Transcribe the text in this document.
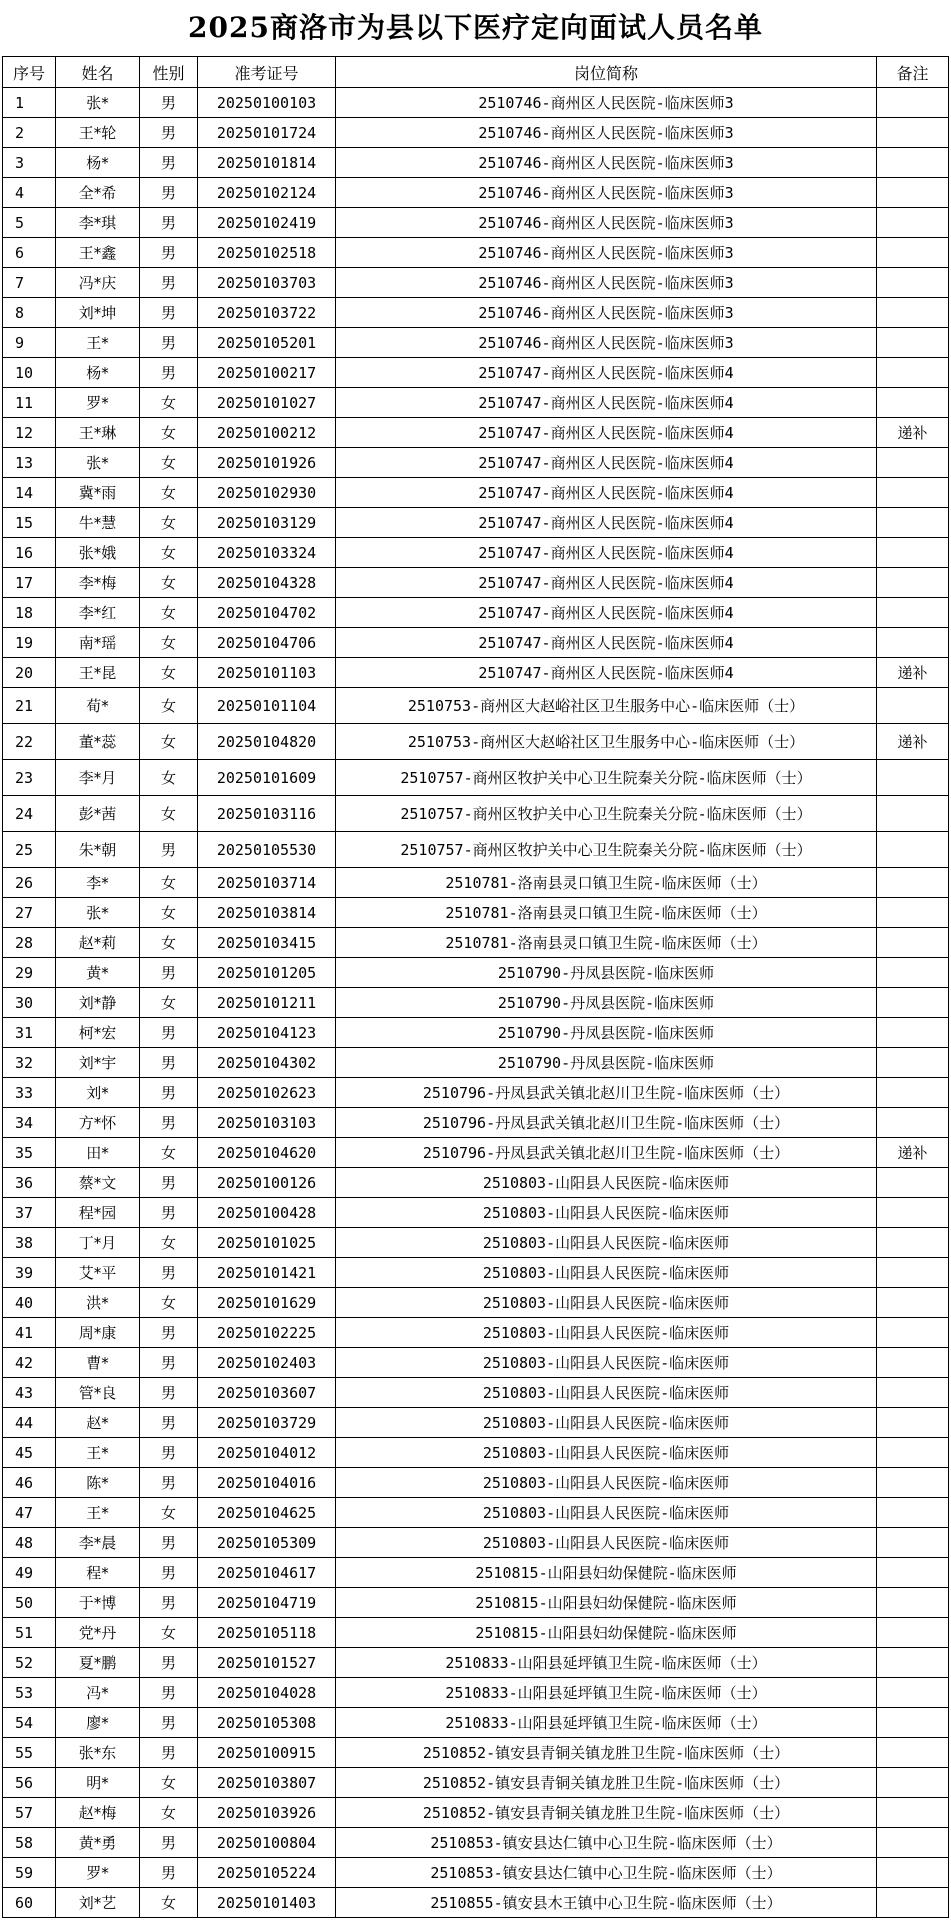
2025商洛市为县以下医疗定向面试人员名单
序号	姓名	性别	准考证号	岗位简称	备注
1	张*	男	20250100103	2510746-商州区人民医院-临床医师3	
2	王*轮	男	20250101724	2510746-商州区人民医院-临床医师3	
3	杨*	男	20250101814	2510746-商州区人民医院-临床医师3	
4	全*希	男	20250102124	2510746-商州区人民医院-临床医师3	
5	李*琪	男	20250102419	2510746-商州区人民医院-临床医师3	
6	王*鑫	男	20250102518	2510746-商州区人民医院-临床医师3	
7	冯*庆	男	20250103703	2510746-商州区人民医院-临床医师3	
8	刘*坤	男	20250103722	2510746-商州区人民医院-临床医师3	
9	王*	男	20250105201	2510746-商州区人民医院-临床医师3	
10	杨*	男	20250100217	2510747-商州区人民医院-临床医师4	
11	罗*	女	20250101027	2510747-商州区人民医院-临床医师4	
12	王*琳	女	20250100212	2510747-商州区人民医院-临床医师4	递补
13	张*	女	20250101926	2510747-商州区人民医院-临床医师4	
14	冀*雨	女	20250102930	2510747-商州区人民医院-临床医师4	
15	牛*慧	女	20250103129	2510747-商州区人民医院-临床医师4	
16	张*娥	女	20250103324	2510747-商州区人民医院-临床医师4	
17	李*梅	女	20250104328	2510747-商州区人民医院-临床医师4	
18	李*红	女	20250104702	2510747-商州区人民医院-临床医师4	
19	南*瑶	女	20250104706	2510747-商州区人民医院-临床医师4	
20	王*昆	女	20250101103	2510747-商州区人民医院-临床医师4	递补
21	荀*	女	20250101104	2510753-商州区大赵峪社区卫生服务中心-临床医师（士）	
22	董*蕊	女	20250104820	2510753-商州区大赵峪社区卫生服务中心-临床医师（士）	递补
23	李*月	女	20250101609	2510757-商州区牧护关中心卫生院秦关分院-临床医师（士）	
24	彭*茜	女	20250103116	2510757-商州区牧护关中心卫生院秦关分院-临床医师（士）	
25	朱*朝	男	20250105530	2510757-商州区牧护关中心卫生院秦关分院-临床医师（士）	
26	李*	女	20250103714	2510781-洛南县灵口镇卫生院-临床医师（士）	
27	张*	女	20250103814	2510781-洛南县灵口镇卫生院-临床医师（士）	
28	赵*莉	女	20250103415	2510781-洛南县灵口镇卫生院-临床医师（士）	
29	黄*	男	20250101205	2510790-丹凤县医院-临床医师	
30	刘*静	女	20250101211	2510790-丹凤县医院-临床医师	
31	柯*宏	男	20250104123	2510790-丹凤县医院-临床医师	
32	刘*宇	男	20250104302	2510790-丹凤县医院-临床医师	
33	刘*	男	20250102623	2510796-丹凤县武关镇北赵川卫生院-临床医师（士）	
34	方*怀	男	20250103103	2510796-丹凤县武关镇北赵川卫生院-临床医师（士）	
35	田*	女	20250104620	2510796-丹凤县武关镇北赵川卫生院-临床医师（士）	递补
36	蔡*文	男	20250100126	2510803-山阳县人民医院-临床医师	
37	程*园	男	20250100428	2510803-山阳县人民医院-临床医师	
38	丁*月	女	20250101025	2510803-山阳县人民医院-临床医师	
39	艾*平	男	20250101421	2510803-山阳县人民医院-临床医师	
40	洪*	女	20250101629	2510803-山阳县人民医院-临床医师	
41	周*康	男	20250102225	2510803-山阳县人民医院-临床医师	
42	曹*	男	20250102403	2510803-山阳县人民医院-临床医师	
43	管*良	男	20250103607	2510803-山阳县人民医院-临床医师	
44	赵*	男	20250103729	2510803-山阳县人民医院-临床医师	
45	王*	男	20250104012	2510803-山阳县人民医院-临床医师	
46	陈*	男	20250104016	2510803-山阳县人民医院-临床医师	
47	王*	女	20250104625	2510803-山阳县人民医院-临床医师	
48	李*晨	男	20250105309	2510803-山阳县人民医院-临床医师	
49	程*	男	20250104617	2510815-山阳县妇幼保健院-临床医师	
50	于*博	男	20250104719	2510815-山阳县妇幼保健院-临床医师	
51	党*丹	女	20250105118	2510815-山阳县妇幼保健院-临床医师	
52	夏*鹏	男	20250101527	2510833-山阳县延坪镇卫生院-临床医师（士）	
53	冯*	男	20250104028	2510833-山阳县延坪镇卫生院-临床医师（士）	
54	廖*	男	20250105308	2510833-山阳县延坪镇卫生院-临床医师（士）	
55	张*东	男	20250100915	2510852-镇安县青铜关镇龙胜卫生院-临床医师（士）	
56	明*	女	20250103807	2510852-镇安县青铜关镇龙胜卫生院-临床医师（士）	
57	赵*梅	女	20250103926	2510852-镇安县青铜关镇龙胜卫生院-临床医师（士）	
58	黄*勇	男	20250100804	2510853-镇安县达仁镇中心卫生院-临床医师（士）	
59	罗*	男	20250105224	2510853-镇安县达仁镇中心卫生院-临床医师（士）	
60	刘*艺	女	20250101403	2510855-镇安县木王镇中心卫生院-临床医师（士）	
